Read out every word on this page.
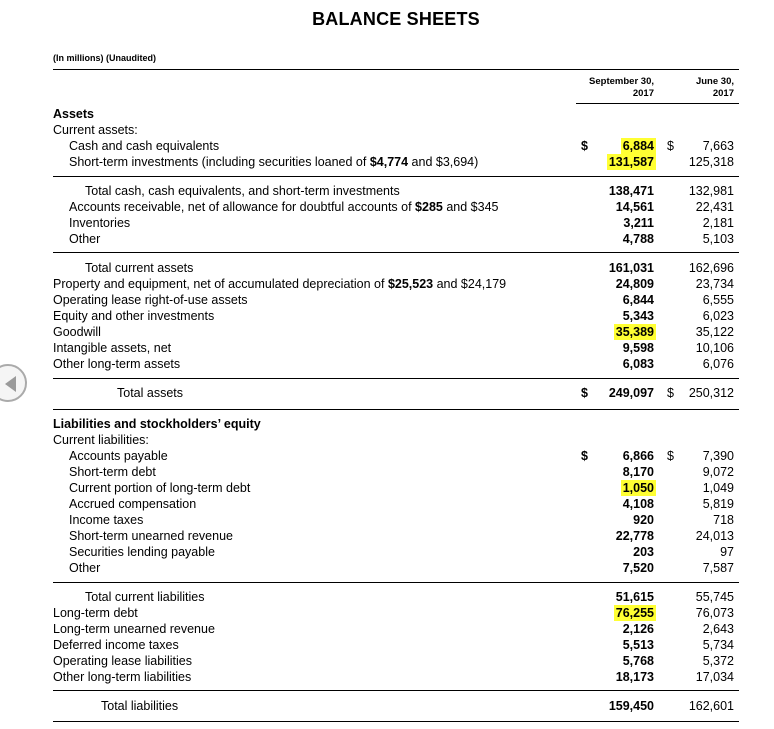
BALANCE SHEETS
(In millions) (Unaudited)
September 30,
2017
June 30,
2017
Assets
Current assets:
Cash and cash equivalents	$	6,884 $ 7,663
Short-term investments (including securities loaned of $4,774 and $3,694)	131,587	125,318
Total cash, cash equivalents, and short-term investments	138,471	132,981
Accounts receivable, net of allowance for doubtful accounts of $285 and $345	14,561	22,431
Inventories	3,211	2,181
Other	4,788	5,103
Total current assets	161,031	162,696
Property and equipment, net of accumulated depreciation of $25,523 and $24,179	24,809	23,734
Operating lease right-of-use assets	6,844	6,555
Equity and other investments	5,343	6,023
Goodwill	35,389	35,122
Intangible assets, net	9,598	10,106
Other long-term assets	6,083	6,076
Total assets	$ 249,097 $ 250,312
Liabilities and stockholders’ equity
Current liabilities:
Accounts payable	$	6,866 $ 7,390
Short-term debt	8,170	9,072
Current portion of long-term debt	1,050	1,049
Accrued compensation	4,108	5,819
Income taxes	920	718
Short-term unearned revenue	22,778	24,013
Securities lending payable	203	97
Other	7,520	7,587
Total current liabilities	51,615	55,745
Long-term debt	76,255	76,073
Long-term unearned revenue	2,126	2,643
Deferred income taxes	5,513	5,734
Operating lease liabilities	5,768	5,372
Other long-term liabilities	18,173	17,034
Total liabilities	159,450	162,601
